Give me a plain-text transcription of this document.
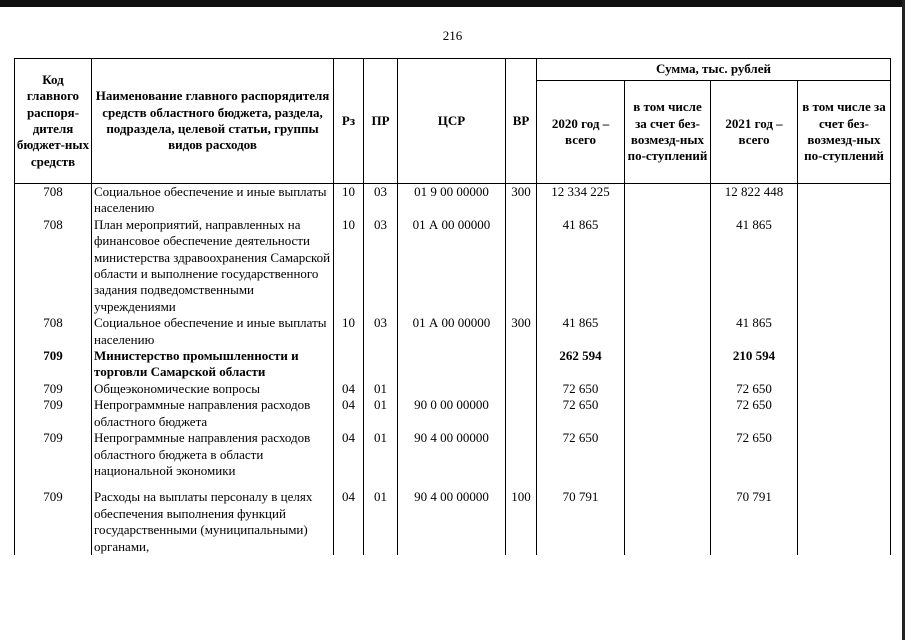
216
Код главного распоря-дителя бюджет-ных средств	Наименование главного распорядителя средств областного бюджета, раздела, подраздела, целевой статьи, группы видов расходов	Рз	ПР	ЦСР	ВР	Сумма, тыс. рублей			
						2020 год – всего	в том числе за счет без-возмезд-ных по-ступлений	2021 год – всего	в том числе за счет без-возмезд-ных по-ступлений
708	Социальное обеспечение и иные выплаты населению	10	03	01 9 00 00000	300	12 334 225		12 822 448	
708	План мероприятий, направленных на финансовое обеспечение деятельности министерства здравоохранения Самарской области и выполнение государственного задания подведомственными учреждениями	10	03	01 А 00 00000		41 865		41 865	
708	Социальное обеспечение и иные выплаты населению	10	03	01 А 00 00000	300	41 865		41 865	
709	Министерство промышленности и торговли Самарской области					262 594		210 594	
709	Общеэкономические вопросы	04	01			72 650		72 650	
709	Непрограммные направления расходов областного бюджета	04	01	90 0 00 00000		72 650		72 650	
709	Непрограммные направления расходов областного бюджета в области национальной экономики	04	01	90 4 00 00000		72 650		72 650	

709	Расходы на выплаты персоналу в целях обеспечения выполнения функций государственными (муниципальными) органами,	04	01	90 4 00 00000	100	70 791		70 791	
